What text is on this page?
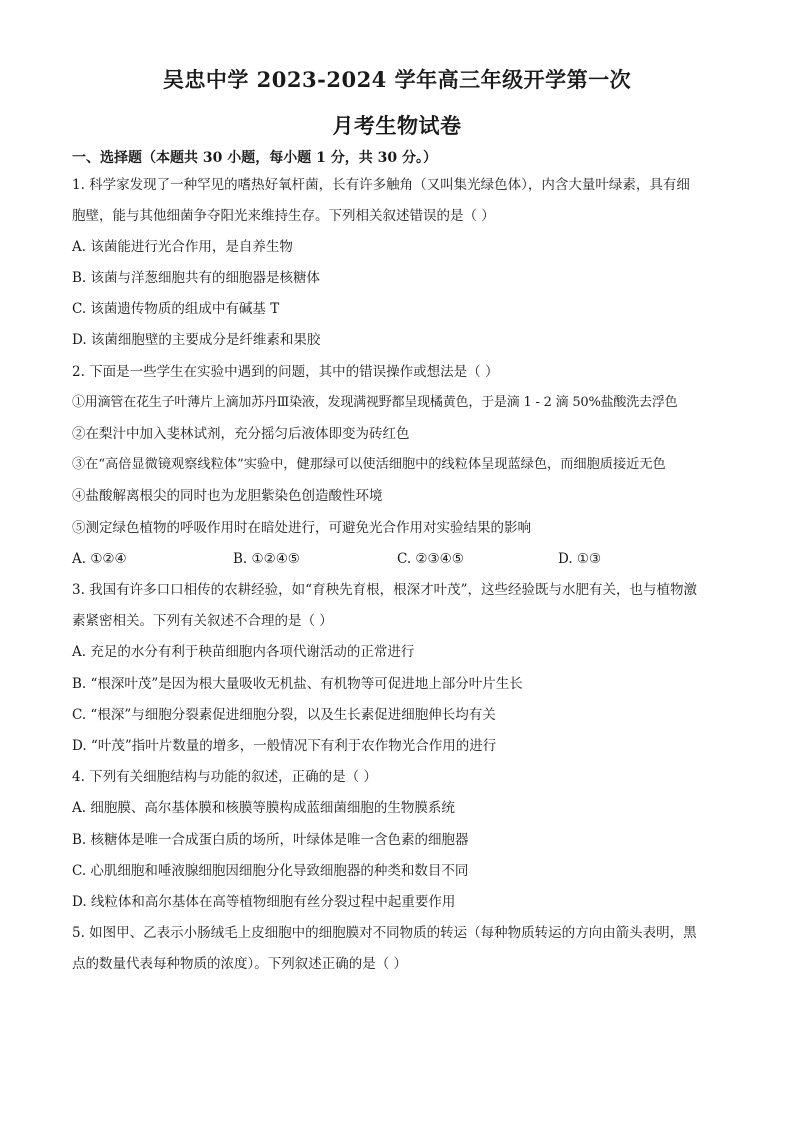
吴忠中学 2023-2024 学年高三年级开学第一次
月考生物试卷
一、选择题（本题共 30 小题，每小题 1 分，共 30 分。）
1. 科学家发现了一种罕见的嗜热好氧杆菌，长有许多触角（又叫集光绿色体），内含大量叶绿素，具有细
胞壁，能与其他细菌争夺阳光来维持生存。下列相关叙述错误的是（ ）
A. 该菌能进行光合作用，是自养生物
B. 该菌与洋葱细胞共有的细胞器是核糖体
C. 该菌遗传物质的组成中有碱基 T
D. 该菌细胞壁的主要成分是纤维素和果胶
2. 下面是一些学生在实验中遇到的问题，其中的错误操作或想法是（ ）
①用滴管在花生子叶薄片上滴加苏丹Ⅲ染液，发现满视野都呈现橘黄色，于是滴 1 - 2 滴 50%盐酸洗去浮色
②在梨汁中加入斐林试剂，充分摇匀后液体即变为砖红色
③在“高倍显微镜观察线粒体”实验中，健那绿可以使活细胞中的线粒体呈现蓝绿色，而细胞质接近无色
④盐酸解离根尖的同时也为龙胆紫染色创造酸性环境
⑤测定绿色植物的呼吸作用时在暗处进行，可避免光合作用对实验结果的影响
A. ①②④	B. ①②④⑤	C. ②③④⑤	D. ①③
3. 我国有许多口口相传的农耕经验，如“育秧先育根，根深才叶茂”，这些经验既与水肥有关，也与植物激
素紧密相关。下列有关叙述不合理的是（ ）
A. 充足的水分有利于秧苗细胞内各项代谢活动的正常进行
B. “根深叶茂”是因为根大量吸收无机盐、有机物等可促进地上部分叶片生长
C. “根深”与细胞分裂素促进细胞分裂，以及生长素促进细胞伸长均有关
D. “叶茂”指叶片数量的增多，一般情况下有利于农作物光合作用的进行
4. 下列有关细胞结构与功能的叙述，正确的是（ ）
A. 细胞膜、高尔基体膜和核膜等膜构成蓝细菌细胞的生物膜系统
B. 核糖体是唯一合成蛋白质的场所，叶绿体是唯一含色素的细胞器
C. 心肌细胞和唾液腺细胞因细胞分化导致细胞器的种类和数目不同
D. 线粒体和高尔基体在高等植物细胞有丝分裂过程中起重要作用
5. 如图甲、乙表示小肠绒毛上皮细胞中的细胞膜对不同物质的转运（每种物质转运的方向由箭头表明，黑
点的数量代表每种物质的浓度）。下列叙述正确的是（ ）
